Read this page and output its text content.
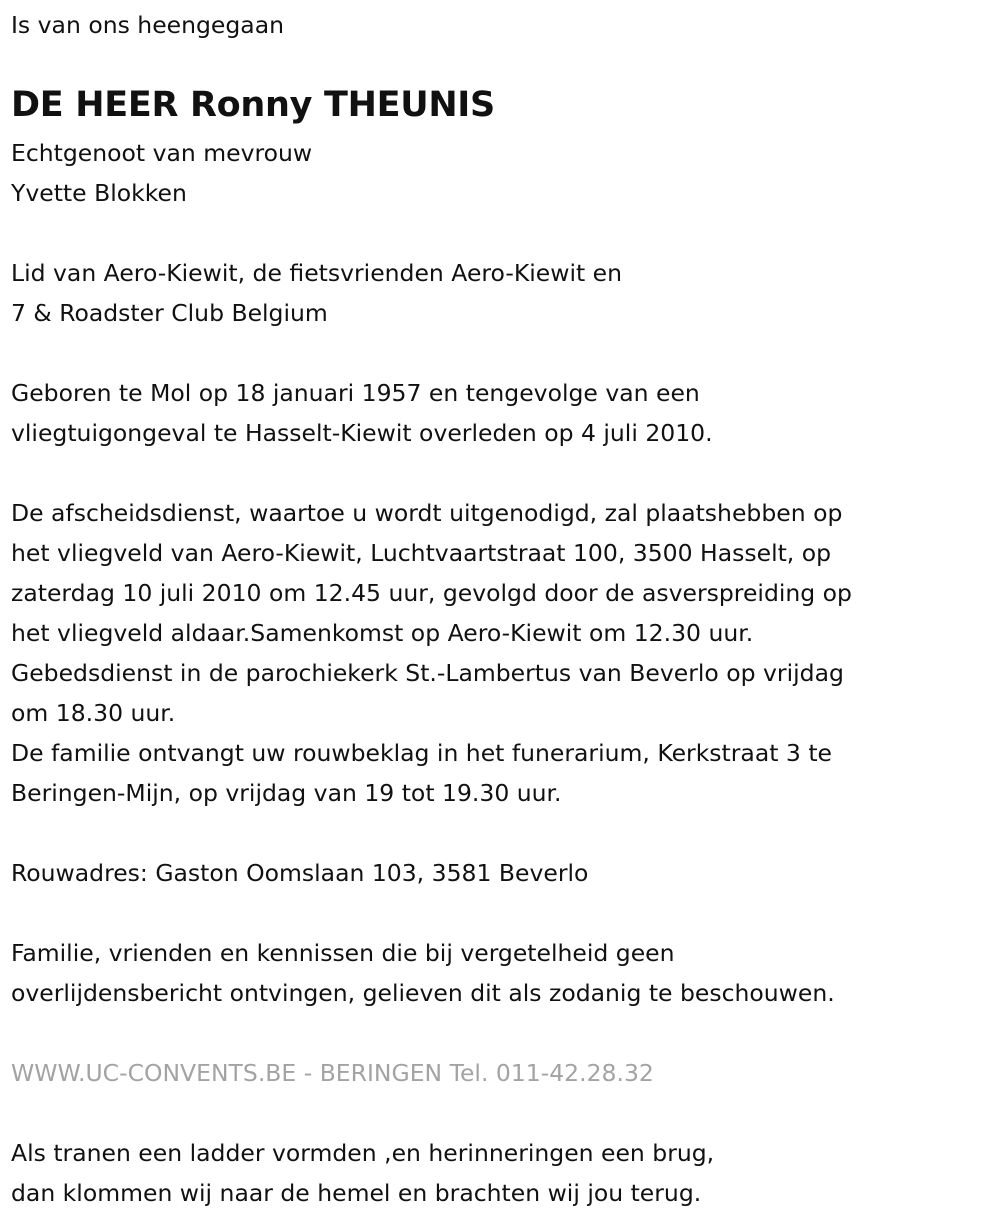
Is van ons heengegaan
DE HEER Ronny THEUNIS
Echtgenoot van mevrouw
Yvette Blokken
Lid van Aero-Kiewit, de fietsvrienden Aero-Kiewit en
7 & Roadster Club Belgium
Geboren te Mol op 18 januari 1957 en tengevolge van een
vliegtuigongeval te Hasselt-Kiewit overleden op 4 juli 2010.
De afscheidsdienst, waartoe u wordt uitgenodigd, zal plaatshebben op
het vliegveld van Aero-Kiewit, Luchtvaartstraat 100, 3500 Hasselt, op
zaterdag 10 juli 2010 om 12.45 uur, gevolgd door de asverspreiding op
het vliegveld aldaar.Samenkomst op Aero-Kiewit om 12.30 uur.
Gebedsdienst in de parochiekerk St.-Lambertus van Beverlo op vrijdag
om 18.30 uur.
De familie ontvangt uw rouwbeklag in het funerarium, Kerkstraat 3 te
Beringen-Mijn, op vrijdag van 19 tot 19.30 uur.
Rouwadres: Gaston Oomslaan 103, 3581 Beverlo
Familie, vrienden en kennissen die bij vergetelheid geen
overlijdensbericht ontvingen, gelieven dit als zodanig te beschouwen.
WWW.UC-CONVENTS.BE - BERINGEN Tel. 011-42.28.32
Als tranen een ladder vormden ,en herinneringen een brug,
dan klommen wij naar de hemel en brachten wij jou terug.
